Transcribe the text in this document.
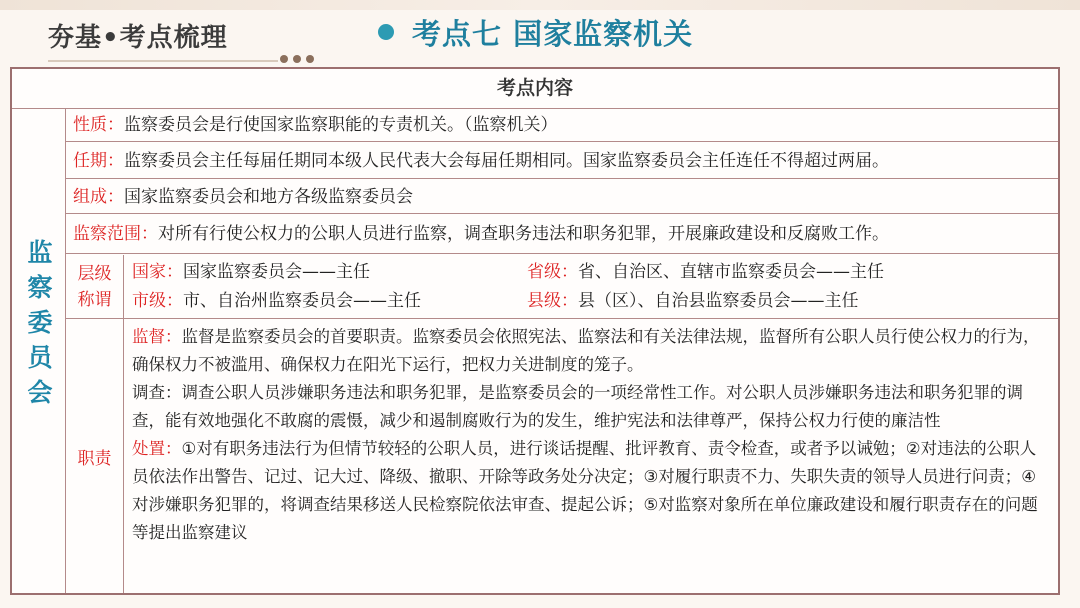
夯基•考点梳理	考点七 国家监察机关
考点内容
监察委员会
性质：监察委员会是行使国家监察职能的专责机关。（监察机关）
任期：监察委员会主任每届任期同本级人民代表大会每届任期相同。国家监察委员会主任连任不得超过两届。
组成：国家监察委员会和地方各级监察委员会
监察范围：对所有行使公权力的公职人员进行监察，调查职务违法和职务犯罪，开展廉政建设和反腐败工作。
层级
称谓
国家：国家监察委员会——主任	省级：省、自治区、直辖市监察委员会——主任
市级：市、自治州监察委员会——主任	县级：县（区）、自治县监察委员会——主任
职责

监督：监督是监察委员会的首要职责。监察委员会依照宪法、监察法和有关法律法规，监督所有公职人员行使公权力的行为，确保权力不被滥用、确保权力在阳光下运行，把权力关进制度的笼子。

调查：调查公职人员涉嫌职务违法和职务犯罪，是监察委员会的一项经常性工作。对公职人员涉嫌职务违法和职务犯罪的调查，能有效地强化不敢腐的震慑，减少和遏制腐败行为的发生，维护宪法和法律尊严，保持公权力行使的廉洁性

处置：①对有职务违法行为但情节较轻的公职人员，进行谈话提醒、批评教育、责令检查，或者予以诫勉；②对违法的公职人员依法作出警告、记过、记大过、降级、撤职、开除等政务处分决定；③对履行职责不力、失职失责的领导人员进行问责；④对涉嫌职务犯罪的，将调查结果移送人民检察院依法审查、提起公诉；⑤对监察对象所在单位廉政建设和履行职责存在的问题等提出监察建议
